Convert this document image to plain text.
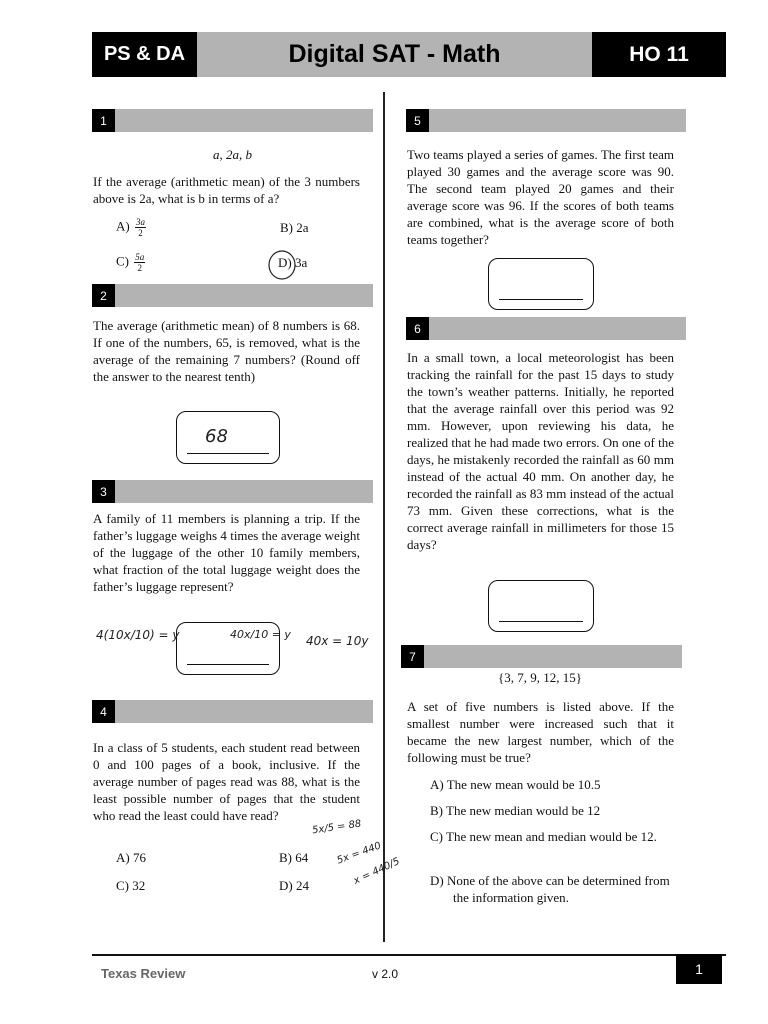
PS & DA	Digital SAT - Math	HO 11
1
a, 2a, b
If the average (arithmetic mean) of the 3 numbers above is 2a, what is b in terms of a?
$A) \frac{3a}{2}$	B) 2a
$C) \frac{5a}{2}$	D) 3a
2
The average (arithmetic mean) of 8 numbers is 68. If one of the numbers, 65, is removed, what is the average of the remaining 7 numbers? (Round off the answer to the nearest tenth)
68
3
A family of 11 members is planning a trip. If the father’s luggage weighs 4 times the average weight of the luggage of the other 10 family members, what fraction of the total luggage weight does the father’s luggage represent?
4(10x/10) = y	40x/10 = y 40x = 10y
4
In a class of 5 students, each student read between 0 and 100 pages of a book, inclusive. If the average number of pages read was 88, what is the least possible number of pages that the student who read the least could have read?
A) 76	B) 64
C) 32	D) 24
5x/5 = 88
5x = 440
x = 440/5
5
Two teams played a series of games. The first team played 30 games and the average score was 90. The second team played 20 games and their average score was 96. If the scores of both teams are combined, what is the average score of both teams together?
6
In a small town, a local meteorologist has been tracking the rainfall for the past 15 days to study the town’s weather patterns. Initially, he reported that the average rainfall over this period was 92 mm. However, upon reviewing his data, he realized that he had made two errors. On one of the days, he mistakenly recorded the rainfall as 60 mm instead of the actual 40 mm. On another day, he recorded the rainfall as 83 mm instead of the actual 73 mm. Given these corrections, what is the correct average rainfall in millimeters for those 15 days?
7
{3, 7, 9, 12, 15}
A set of five numbers is listed above. If the smallest number were increased such that it became the new largest number, which of the following must be true?
A) The new mean would be 10.5
B) The new median would be 12
C) The new mean and median would be 12.
D) None of the above can be determined from the information given.
Texas Review	v 2.0	1
